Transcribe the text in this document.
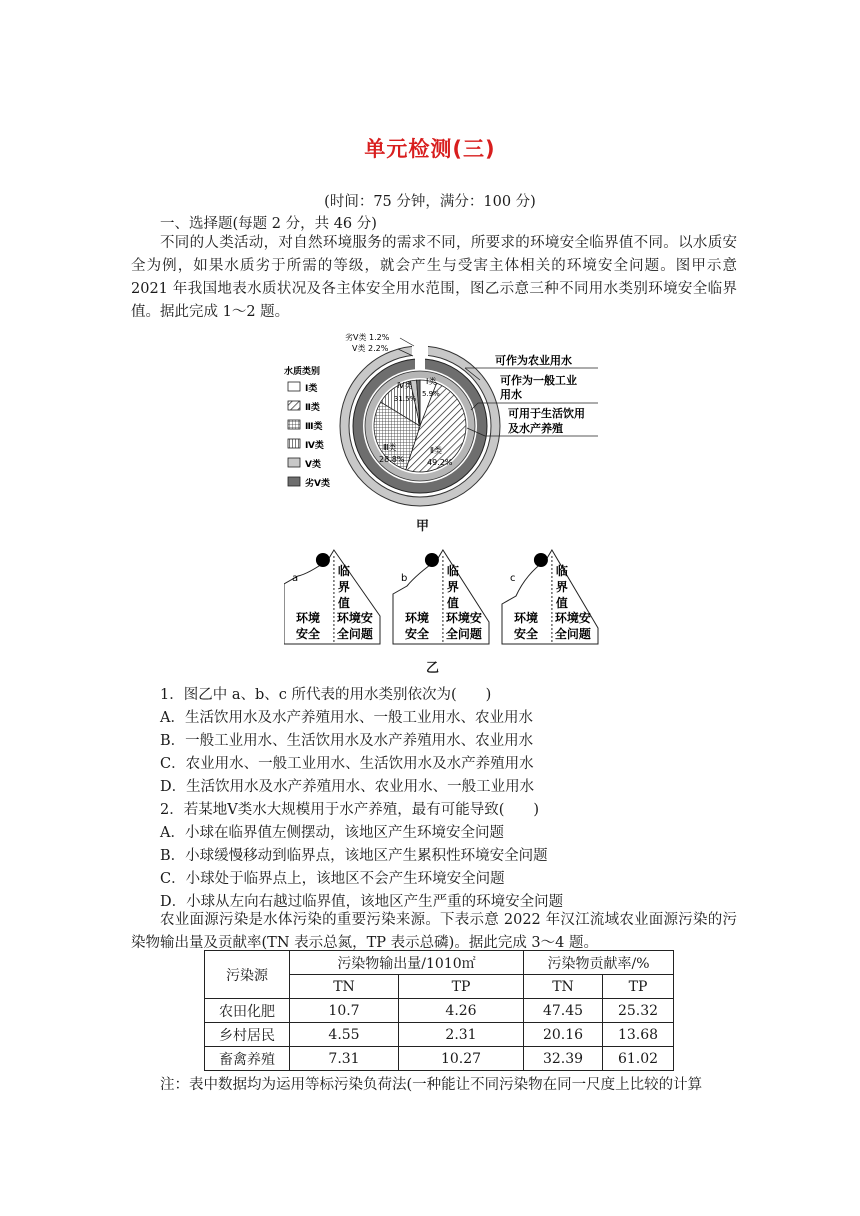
单元检测(三)
(时间：75 分钟，满分：100 分)
一、选择题(每题 2 分，共 46 分)

不同的人类活动，对自然环境服务的需求不同，所要求的环境安全临界值不同。以水质安全为例，如果水质劣于所需的等级，就会产生与受害主体相关的环境安全问题。图甲示意 2021 年我国地表水质状况及各主体安全用水范围，图乙示意三种不同用水类别环境安全临界值。据此完成 1～2 题。

Ⅰ类
5.9%
Ⅱ类
49.2%
Ⅲ类
28.8%
Ⅳ类
31.5%
劣Ⅴ类 1.2%
Ⅴ类 2.2%
水质类别
Ⅰ类
Ⅱ类
Ⅲ类
Ⅳ类
Ⅴ类
劣Ⅴ类
可作为农业用水
可作为一般工业
用水
可用于生活饮用
及水产养殖
甲
a
临
界
值
环境
安全
环境安
全问题
b
临
界
值
环境
安全
环境安
全问题
c
临
界
值
环境
安全
环境安
全问题
乙
1．图乙中 a、b、c 所代表的用水类别依次为(　　)
A．生活饮用水及水产养殖用水、一般工业用水、农业用水
B．一般工业用水、生活饮用水及水产养殖用水、农业用水
C．农业用水、一般工业用水、生活饮用水及水产养殖用水
D．生活饮用水及水产养殖用水、农业用水、一般工业用水
2．若某地Ⅴ类水大规模用于水产养殖，最有可能导致(　　)
A．小球在临界值左侧摆动，该地区产生环境安全问题
B．小球缓慢移动到临界点，该地区产生累积性环境安全问题
C．小球处于临界点上，该地区不会产生环境安全问题
D．小球从左向右越过临界值，该地区产生严重的环境安全问题

农业面源污染是水体污染的重要污染来源。下表示意 2022 年汉江流域农业面源污染的污染物输出量及贡献率(TN 表示总氮，TP 表示总磷)。据此完成 3～4 题。

污染源	污染物输出量/1010㎡		污染物贡献率/%	
	TN	TP	TN	TP
农田化肥	10.7	4.26	47.45	25.32
乡村居民	4.55	2.31	20.16	13.68
畜禽养殖	7.31	10.27	32.39	61.02
注：表中数据均为运用等标污染负荷法(一种能让不同污染物在同一尺度上比较的计算
